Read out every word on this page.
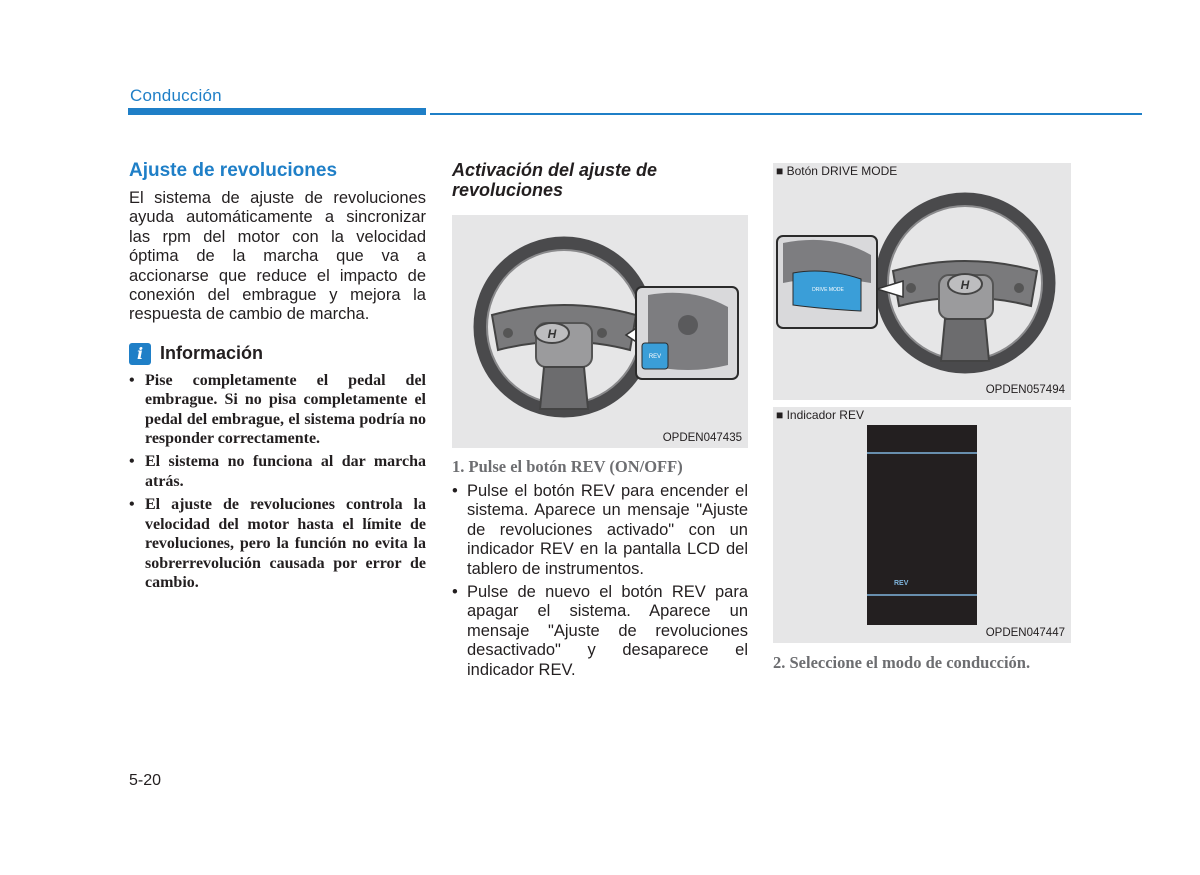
Conducción
Ajuste de revoluciones

El sistema de ajuste de revoluciones ayuda automáticamente a sincronizar las rpm del motor con la velocidad óptima de la marcha que va a accionarse que reduce el impacto de conexión del embrague y mejora la respuesta de cambio de marcha.

i Información
• Pise completamente el pedal del embrague. Si no pisa completamente el pedal del embrague, el sistema podría no responder correctamente.
• El sistema no funciona al dar marcha atrás.
• El ajuste de revoluciones controla la velocidad del motor hasta el límite de revoluciones, pero la función no evita la sobrerrevolución causada por error de cambio.
Activación del ajuste de revoluciones
H
REV
OPDEN047435
1. Pulse el botón REV (ON/OFF)
• Pulse el botón REV para encender el sistema. Aparece un mensaje "Ajuste de revoluciones activado" con un indicador REV en la pantalla LCD del tablero de instrumentos.
• Pulse de nuevo el botón REV para apagar el sistema. Aparece un mensaje "Ajuste de revoluciones desactivado" y desaparece el indicador REV.
■ Botón DRIVE MODE
H
DRIVE MODE
OPDEN057494
■ Indicador REV
REV
OPDEN047447
2. Seleccione el modo de conducción.
5-20
